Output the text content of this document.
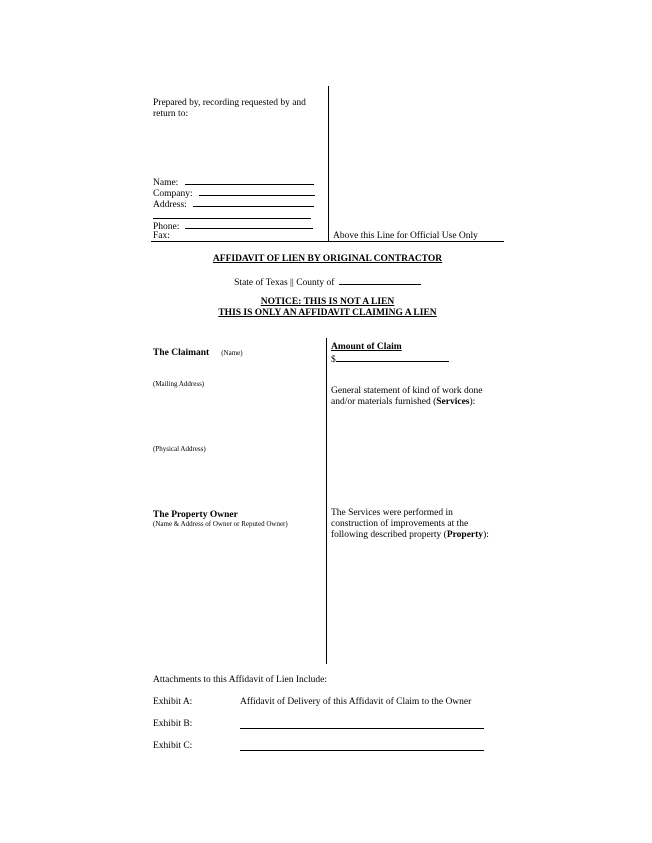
Prepared by, recording requested by and
return to:
Name:
Company:
Address:
Phone:
Fax:	Above this Line for Official Use Only
AFFIDAVIT OF LIEN BY ORIGINAL CONTRACTOR
State of Texas || County of
NOTICE: THIS IS NOT A LIEN
THIS IS ONLY AN AFFIDAVIT CLAIMING A LIEN
The Claimant (Name)
(Mailing Address)
(Physical Address)
Amount of Claim
$
General statement of kind of work done
and/or materials furnished (Services):
The Property Owner
(Name & Address of Owner or Reputed Owner)
The Services were performed in
construction of improvements at the
following described property (Property):
Attachments to this Affidavit of Lien Include:
Exhibit A:	Affidavit of Delivery of this Affidavit of Claim to the Owner
Exhibit B:
Exhibit C:
